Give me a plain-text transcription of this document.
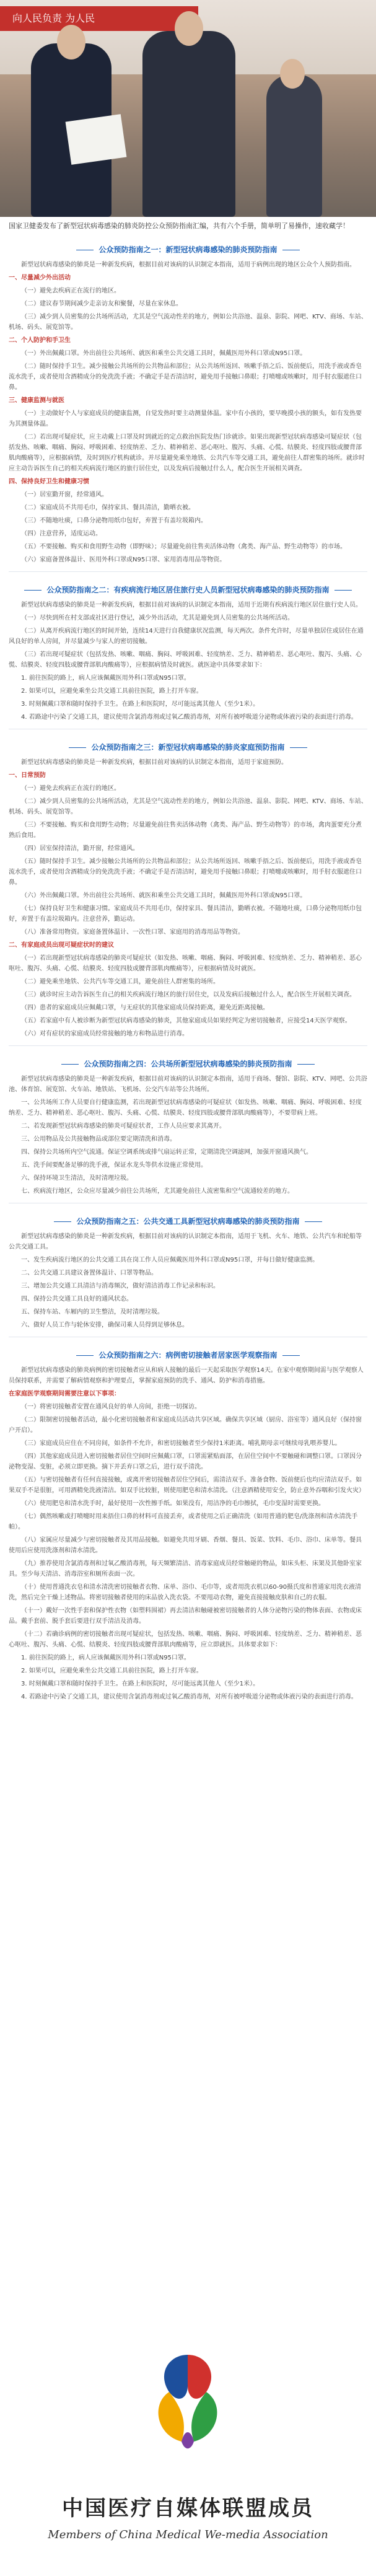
向人民负责 为人民

国家卫健委发布了新型冠状病毒感染的肺炎防控公众预防指南汇编，共有六个手册，简单明了易操作，速收藏学！

公众预防指南之一：新型冠状病毒感染的肺炎预防指南

新型冠状病毒感染的肺炎是一种新发疾病，根据目前对该病的认识制定本指南，适用于病例出现的地区公众个人预防指南。

一、尽量减少外出活动

（一）避免去疾病正在流行的地区。

（二）建议春节期间减少走亲访友和聚餐，尽量在家休息。

（三）减少到人员密集的公共场所活动，尤其是空气流动性差的地方，例如公共浴池、温泉、影院、网吧、KTV、商场、车站、机场、码头、展览馆等。

二、个人防护和手卫生

（一）外出佩戴口罩。外出前往公共场所、就医和乘坐公共交通工具时，佩戴医用外科口罩或N95口罩。

（二）随时保持手卫生。减少接触公共场所的公共物品和部位；从公共场所返回、咳嗽手捂之后、饭前便后，用洗手液或香皂流水洗手，或者使用含酒精成分的免洗洗手液；不确定手是否清洁时，避免用手接触口鼻眼；打喷嚏或咳嗽时，用手肘衣服遮住口鼻。

三、健康监测与就医

（一）主动做好个人与家庭成员的健康监测，自觉发热时要主动测量体温。家中有小孩的，要早晚摸小孩的额头，如有发热要为其测量体温。

（二）若出现可疑症状，应主动戴上口罩及时到就近的定点救治医院发热门诊就诊。如果出现新型冠状病毒感染可疑症状（包括发热、咳嗽、咽痛、胸闷、呼吸困难、轻度纳差、乏力、精神稍差、恶心呕吐、腹泻、头痛、心慌、结膜炎、轻度四肢或腰背部肌肉酸痛等），应根据病情，及时到医疗机构就诊。并尽量避免乘坐地铁、公共汽车等交通工具，避免前往人群密集的场所。就诊时应主动告诉医生自己的相关疾病流行地区的旅行居住史，以及发病后接触过什么人，配合医生开展相关调查。

四、保持良好卫生和健康习惯

（一）居室勤开窗，经常通风。

（二）家庭成员不共用毛巾，保持家具、餐具清洁，勤晒衣被。

（三）不随地吐痰，口鼻分泌物用纸巾包好，弃置于有盖垃圾箱内。

（四）注意营养，适度运动。

（五）不要接触、购买和食用野生动物（即野味）；尽量避免前往售卖活体动物（禽类、海产品、野生动物等）的市场。

（六）家庭备置体温计、医用外科口罩或N95口罩、家用消毒用品等物资。

公众预防指南之二：有疾病流行地区居住旅行史人员新型冠状病毒感染的肺炎预防指南

新型冠状病毒感染的肺炎是一种新发疾病，根据目前对该病的认识制定本指南，适用于近期有疾病流行地区居住旅行史人员。

（一）尽快到所在村支部或社区进行登记，减少外出活动，尤其是避免到人员密集的公共场所活动。

（二）从离开疾病流行地区的时间开始，连续14天进行自我健康状况监测，每天两次。条件允许时，尽量单独居住或居住在通风良好的单人房间，并尽量减少与家人的密切接触。

（三）若出现可疑症状（包括发热、咳嗽、咽痛、胸闷、呼吸困难、轻度纳差、乏力、精神稍差、恶心呕吐、腹泻、头痛、心慌、结膜炎、轻度四肢或腰背部肌肉酸痛等），应根据病情及时就医。就医途中具体要求如下：

1. 前往医院的路上，病人应该佩戴医用外科口罩或N95口罩。

2. 如果可以，应避免乘坐公共交通工具前往医院，路上打开车窗。

3. 时刻佩戴口罩和随时保持手卫生。在路上和医院时，尽可能远离其他人（至少1米）。

4. 若路途中污染了交通工具，建议使用含氯消毒剂或过氧乙酸消毒剂，对所有被呼吸道分泌物或体液污染的表面进行消毒。

公众预防指南之三：新型冠状病毒感染的肺炎家庭预防指南

新型冠状病毒感染的肺炎是一种新发疾病，根据目前对该病的认识制定本指南，适用于家庭预防。

一、日常预防

（一）避免去疾病正在流行的地区。

（二）减少到人员密集的公共场所活动，尤其是空气流动性差的地方，例如公共浴池、温泉、影院、网吧、KTV、商场、车站、机场、码头、展览馆等。

（三）不要接触、购买和食用野生动物；尽量避免前往售卖活体动物（禽类、海产品、野生动物等）的市场，禽肉蛋要充分煮熟后食用。

（四）居室保持清洁，勤开窗，经常通风。

（五）随时保持手卫生。减少接触公共场所的公共物品和部位；从公共场所返回、咳嗽手捂之后、饭前便后，用洗手液或香皂流水洗手，或者使用含酒精成分的免洗洗手液；不确定手是否清洁时，避免用手接触口鼻眼；打喷嚏或咳嗽时，用手肘衣服遮住口鼻。

（六）外出佩戴口罩。外出前往公共场所、就医和乘坐公共交通工具时，佩戴医用外科口罩或N95口罩。

（七）保持良好卫生和健康习惯。家庭成员不共用毛巾，保持家具、餐具清洁，勤晒衣被。不随地吐痰，口鼻分泌物用纸巾包好，弃置于有盖垃圾箱内。注意营养，勤运动。

（八）准备常用物资。家庭备置体温计、一次性口罩、家庭用的消毒用品等物资。

二、有家庭成员出现可疑症状时的建议

（一）若出现新型冠状病毒感染的肺炎可疑症状（如发热、咳嗽、咽痛、胸闷、呼吸困难、轻度纳差、乏力、精神稍差、恶心呕吐、腹泻、头痛、心慌、结膜炎、轻度四肢或腰背部肌肉酸痛等），应根据病情及时就医。

（二）避免乘坐地铁、公共汽车等交通工具，避免前往人群密集的场所。

（三）就诊时应主动告诉医生自己的相关疾病流行地区的旅行居住史，以及发病后接触过什么人，配合医生开展相关调查。

（四）患者的家庭成员应佩戴口罩，与无症状的其他家庭成员保持距离，避免近距离接触。

（五）若家庭中有人被诊断为新型冠状病毒感染的肺炎，其他家庭成员如果经判定为密切接触者，应接受14天医学观察。

（六）对有症状的家庭成员经常接触的地方和物品进行消毒。

公众预防指南之四：公共场所新型冠状病毒感染的肺炎预防指南

新型冠状病毒感染的肺炎是一种新发疾病，根据目前对该病的认识制定本指南，适用于商场、餐馆、影院、KTV、网吧、公共浴池、体育馆、展览馆、火车站、地铁站、飞机场、公交汽车站等公共场所。

一、公共场所工作人员要自行健康监测，若出现新型冠状病毒感染的可疑症状（如发热、咳嗽、咽痛、胸闷、呼吸困难、轻度纳差、乏力、精神稍差、恶心呕吐、腹泻、头痛、心慌、结膜炎、轻度四肢或腰背部肌肉酸痛等），不要带病上班。

二、若发现新型冠状病毒感染的肺炎可疑症状者，工作人员应要求其离开。

三、公用物品及公共接触物品或部位要定期清洗和消毒。

四、保持公共场所内空气流通。保证空调系统或排气扇运转正常，定期清洗空调滤网，加强开窗通风换气。

五、洗手间要配备足够的洗手液，保证水龙头等供水设施正常使用。

六、保持环境卫生清洁，及时清理垃圾。

七、疾病流行地区，公众应尽量减少前往公共场所，尤其避免前往人流密集和空气流通较差的地方。

公众预防指南之五：公共交通工具新型冠状病毒感染的肺炎预防指南

新型冠状病毒感染的肺炎是一种新发疾病，根据目前对该病的认识制定本指南，适用于飞机、火车、地铁、公共汽车和轮船等公共交通工具。

一、发生疾病流行地区的公共交通工具在岗工作人员应佩戴医用外科口罩或N95口罩，并每日做好健康监测。

二、公共交通工具建议备置体温计、口罩等物品。

三、增加公共交通工具清洁与消毒频次，做好清洁消毒工作记录和标识。

四、保持公共交通工具良好的通风状态。

五、保持车站、车厢内的卫生整洁，及时清理垃圾。

六、做好人员工作与轮休安排，确保司乘人员得到足够休息。

公众预防指南之六：病例密切接触者居家医学观察指南

新型冠状病毒感染的肺炎病例的密切接触者应从和病人接触的最后一天起采取医学观察14天。在家中观察期间需与医学观察人员保持联系，并需要了解病情观察和护理要点，掌握家庭预防的洗手、通风、防护和消毒措施。

在家庭医学观察期间需要注意以下事项：

（一）将密切接触者安置在通风良好的单人房间，拒绝一切探访。

（二）限制密切接触者活动，最小化密切接触者和家庭成员活动共享区域。确保共享区域（厨房、浴室等）通风良好（保持窗户开启）。

（三）家庭成员应住在不同房间，如条件不允许，和密切接触者至少保持1米距离。哺乳期母亲可继续母乳喂养婴儿。

（四）其他家庭成员进入密切接触者居住空间时应佩戴口罩，口罩需紧贴面部，在居住空间中不要触碰和调整口罩。口罩因分泌物变湿、变脏，必须立即更换。摘下并丢弃口罩之后，进行双手清洗。

（五）与密切接触者有任何直接接触，或离开密切接触者居住空间后，需清洁双手。准备食物、饭前便后也均应清洁双手。如果双手不是很脏，可用酒精免洗液清洁。如双手比较脏，则使用肥皂和清水清洗。（注意酒精使用安全，防止意外吞咽和引发火灾）

（六）使用肥皂和清水洗手时，最好使用一次性擦手纸。如果没有，用洁净的毛巾擦拭，毛巾变湿时需要更换。

（七）偶然咳嗽或打喷嚏时用来捂住口鼻的材料可直接丢弃，或者使用之后正确清洗（如用普通的肥皂/洗涤剂和清水清洗手帕）。

（八）家属应尽量减少与密切接触者及其用品接触。如避免共用牙刷、香烟、餐具、饭菜、饮料、毛巾、浴巾、床单等。餐具使用后应使用洗涤剂和清水清洗。

（九）推荐使用含氯消毒剂和过氧乙酸消毒剂，每天频繁清洁、消毒家庭成员经常触碰的物品，如床头柜、床架及其他卧室家具。至少每天清洁、消毒浴室和厕所表面一次。

（十）使用普通洗衣皂和清水清洗密切接触者衣物、床单、浴巾、毛巾等，或者用洗衣机以60-90摄氏度和普通家用洗衣液清洗，然后完全干燥上述物品。将密切接触者使用的床品放入洗衣袋。不要甩动衣物，避免直接接触皮肤和自己的衣服。

（十一）戴好一次性手套和保护性衣物（如塑料围裙）再去清洁和触碰被密切接触者的人体分泌物污染的物体表面、衣物或床品。戴手套前、脱手套后要进行双手清洁及消毒。

（十二）若确诊病例的密切接触者出现可疑症状，包括发热、咳嗽、咽痛、胸闷、呼吸困难、轻度纳差、乏力、精神稍差、恶心呕吐、腹泻、头痛、心慌、结膜炎、轻度四肢或腰背部肌肉酸痛等，应立即就医。具体要求如下：

1. 前往医院的路上，病人应该佩戴医用外科口罩或N95口罩。

2. 如果可以，应避免乘坐公共交通工具前往医院，路上打开车窗。

3. 时刻佩戴口罩和随时保持手卫生。在路上和医院时，尽可能远离其他人（至少1米）。

4. 若路途中污染了交通工具，建议使用含氯消毒剂或过氧乙酸消毒剂，对所有被呼吸道分泌物或体液污染的表面进行消毒。

中国医疗自媒体联盟成员
Members of China Medical We-media Association
